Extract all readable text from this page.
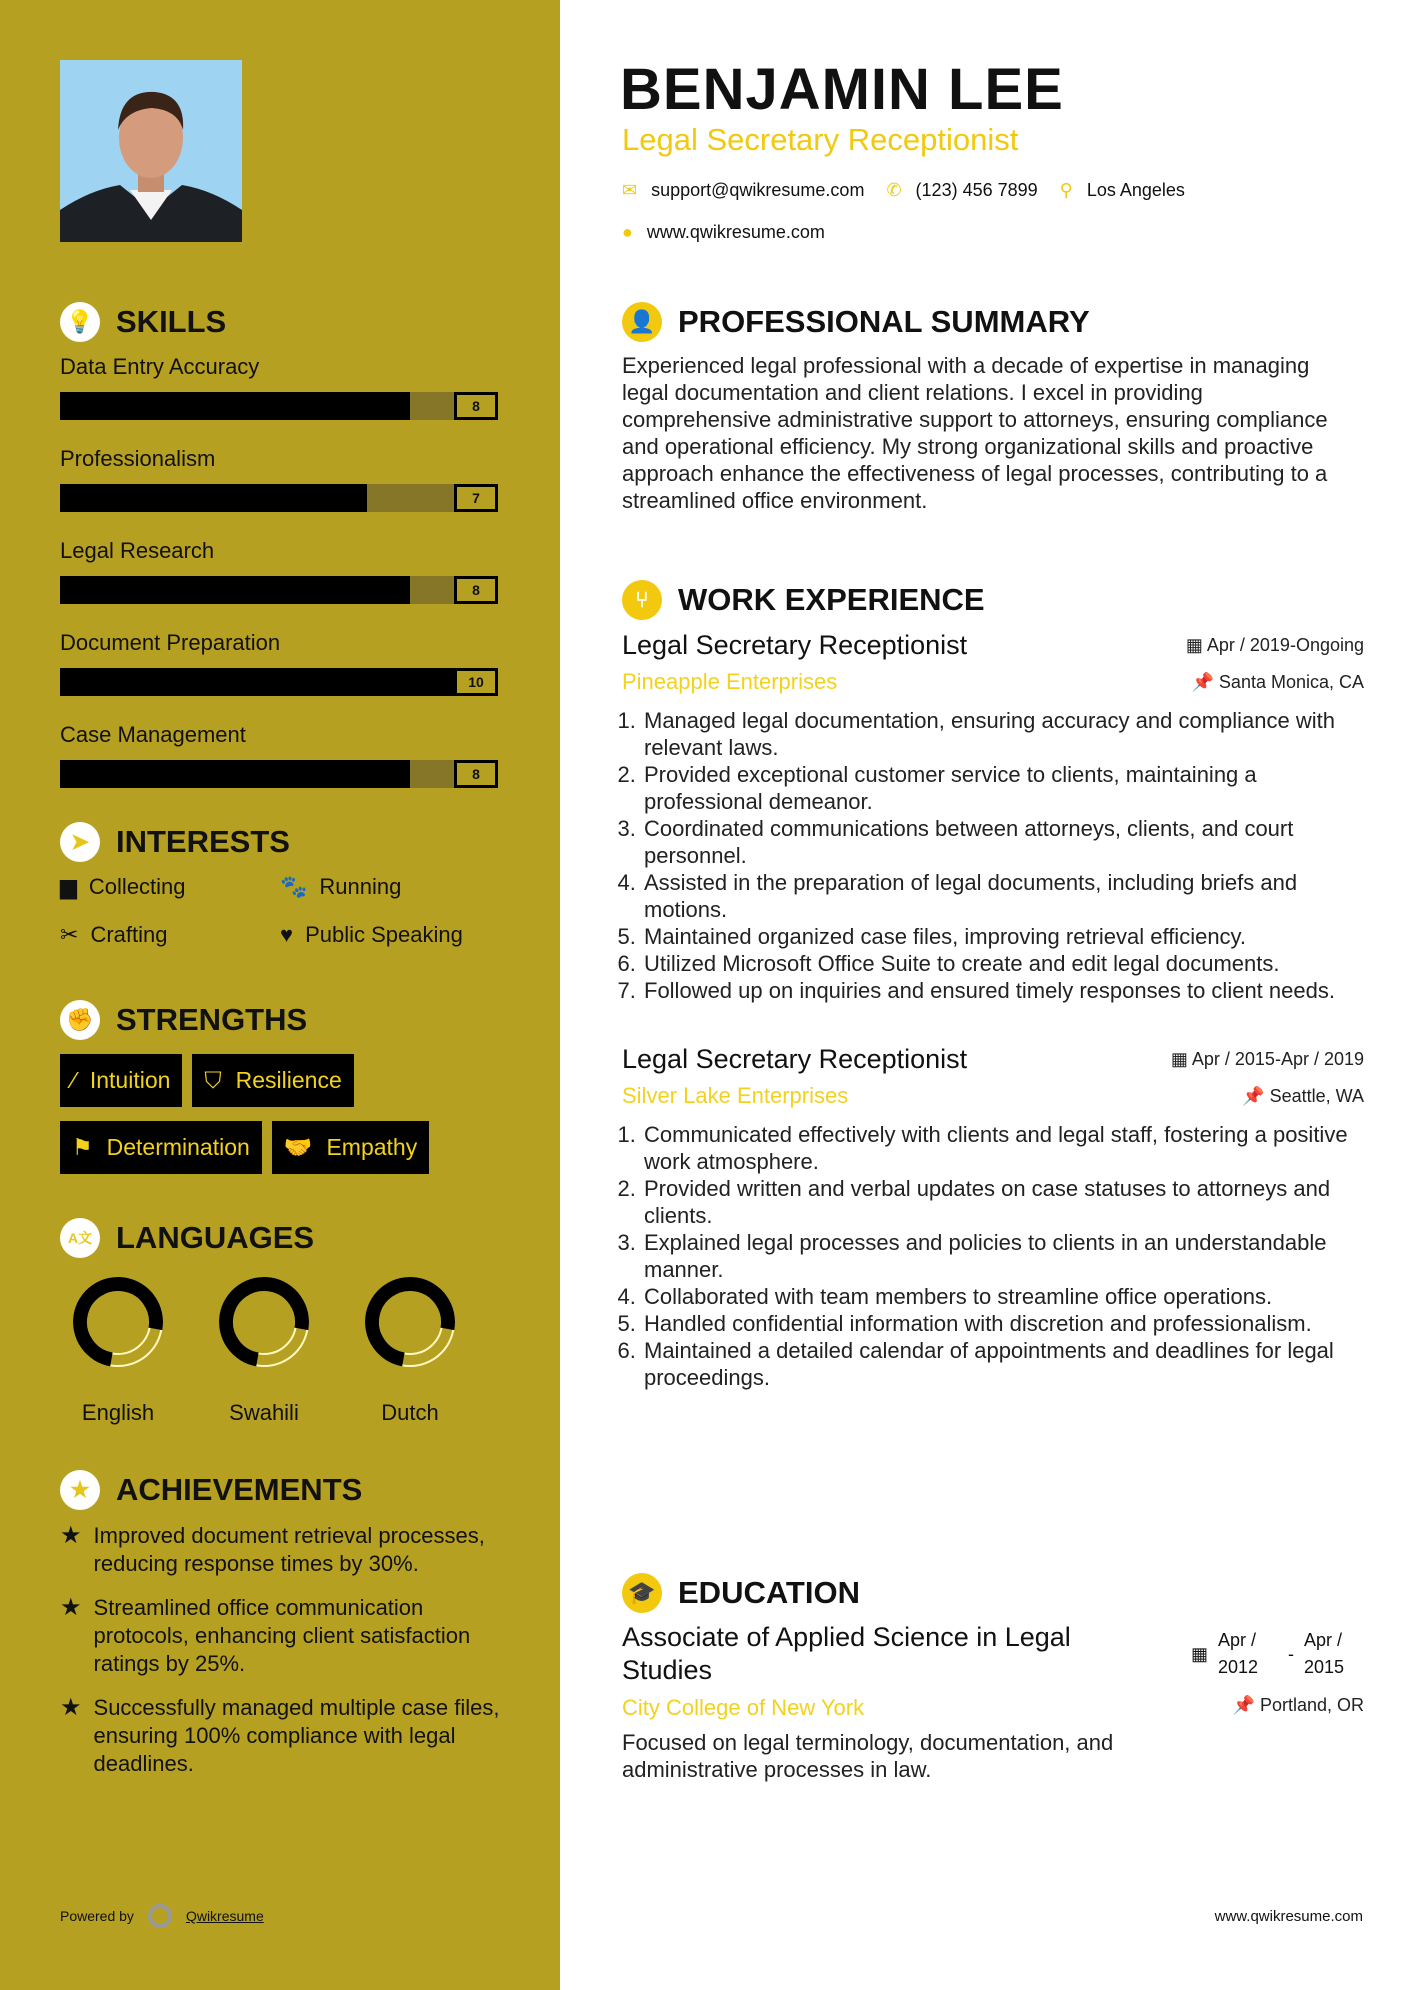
💡 SKILLS
Data Entry Accuracy
8
Professionalism
7
Legal Research
8
Document Preparation
10
Case Management
8
➤ INTERESTS
▆ Collecting	🐾 Running
✂ Crafting	♥ Public Speaking
✊ STRENGTHS
⁄ Intuition ⛉ Resilience
⚑ Determination 🤝 Empathy
A文 LANGUAGES
English	Swahili	Dutch
★ ACHIEVEMENTS
★ Improved document retrieval processes, reducing response times by 30%.
★ Streamlined office communication protocols, enhancing client satisfaction ratings by 25%.
★ Successfully managed multiple case files, ensuring 100% compliance with legal deadlines.
Powered by	Qwikresume
BENJAMIN LEE
Legal Secretary Receptionist
✉ support@qwikresume.com ✆ (123) 456 7899 ⚲ Los Angeles
● www.qwikresume.com
👤 PROFESSIONAL SUMMARY

Experienced legal professional with a decade of expertise in managing legal documentation and client relations. I excel in providing comprehensive administrative support to attorneys, ensuring compliance and operational efficiency. My strong organizational skills and proactive approach enhance the effectiveness of legal processes, contributing to a streamlined office environment.

⑂ WORK EXPERIENCE
Legal Secretary Receptionist	▦ Apr / 2019-Ongoing
Pineapple Enterprises	📌 Santa Monica, CA
1. Managed legal documentation, ensuring accuracy and compliance with relevant laws.
2. Provided exceptional customer service to clients, maintaining a professional demeanor.
3. Coordinated communications between attorneys, clients, and court personnel.
4. Assisted in the preparation of legal documents, including briefs and motions.
5. Maintained organized case files, improving retrieval efficiency.
6. Utilized Microsoft Office Suite to create and edit legal documents.
7. Followed up on inquiries and ensured timely responses to client needs.
Legal Secretary Receptionist	▦ Apr / 2015-Apr / 2019
Silver Lake Enterprises	📌 Seattle, WA
1. Communicated effectively with clients and legal staff, fostering a positive work atmosphere.
2. Provided written and verbal updates on case statuses to attorneys and clients.
3. Explained legal processes and policies to clients in an understandable manner.
4. Collaborated with team members to streamline office operations.
5. Handled confidential information with discretion and professionalism.
6. Maintained a detailed calendar of appointments and deadlines for legal proceedings.
🎓 EDUCATION
Associate of Applied Science in Legal Studies
▦
Apr / 2012
-
Apr / 2015
City College of New York	📌 Portland, OR

Focused on legal terminology, documentation, and administrative processes in law.

www.qwikresume.com
